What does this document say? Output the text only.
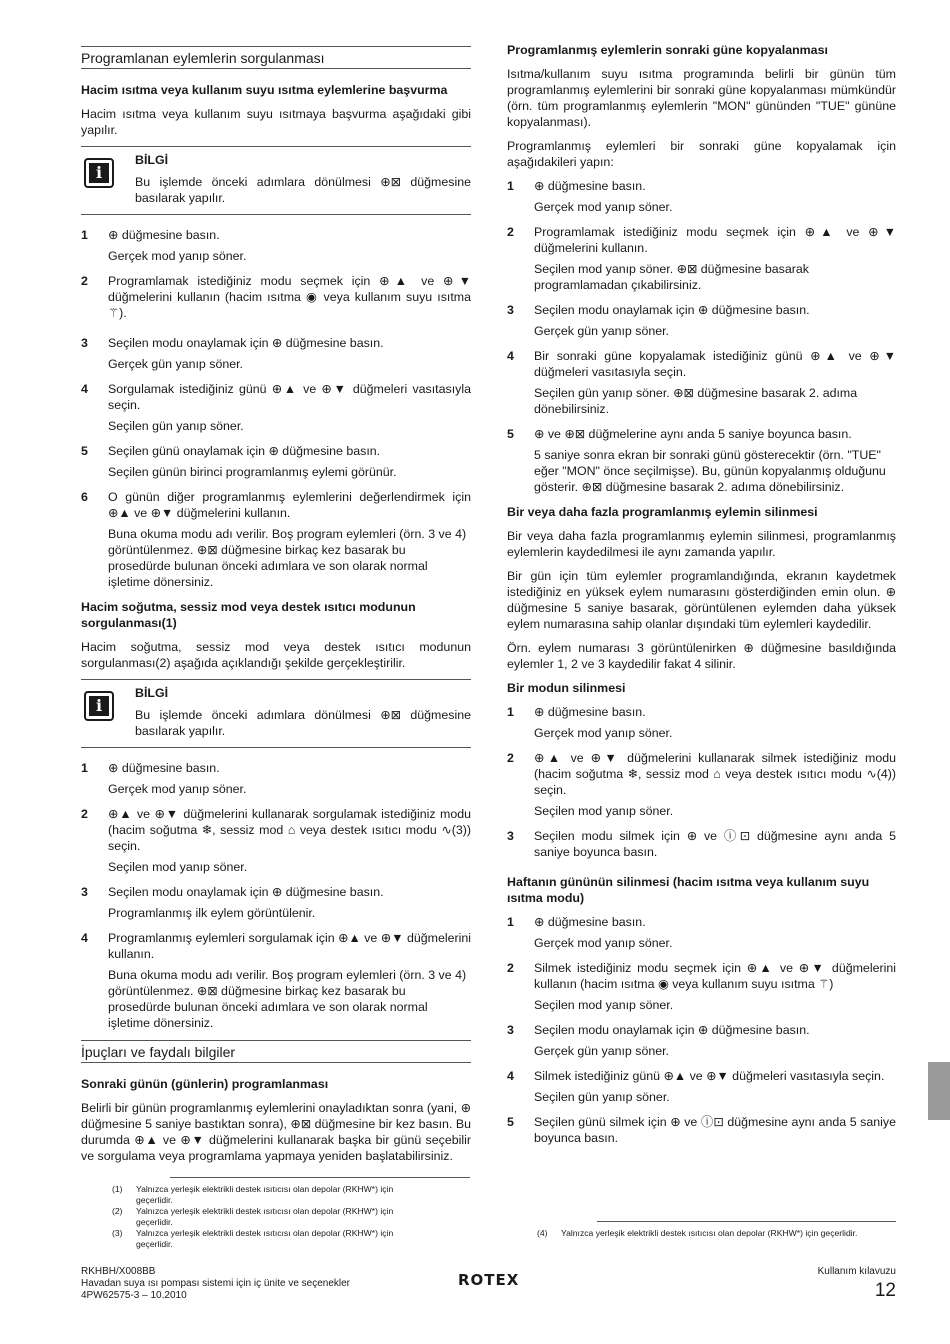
Programlanan eylemlerin sorgulanması
Hacim ısıtma veya kullanım suyu ısıtma eylemlerine başvurma

Hacim ısıtma veya kullanım suyu ısıtmaya başvurma aşağıdaki gibi yapılır.

i
BİLGİ
Bu işlemde önceki adımlara dönülmesi ⊕⊠ düğmesine basılarak yapılır.
1	⊕ düğmesine basın.
Gerçek mod yanıp söner.
2	Programlamak istediğiniz modu seçmek için ⊕▲ ve ⊕▼ düğmelerini kullanın (hacim ısıtma ◉ veya kullanım suyu ısıtma ⚚).
3	Seçilen modu onaylamak için ⊕ düğmesine basın.
Gerçek gün yanıp söner.
4	Sorgulamak istediğiniz günü ⊕▲ ve ⊕▼ düğmeleri vasıtasıyla seçin.
Seçilen gün yanıp söner.
5	Seçilen günü onaylamak için ⊕ düğmesine basın.
Seçilen günün birinci programlanmış eylemi görünür.
6	O günün diğer programlanmış eylemlerini değerlendirmek için ⊕▲ ve ⊕▼ düğmelerini kullanın.
Buna okuma modu adı verilir. Boş program eylemleri (örn. 3 ve 4) görüntülenmez. ⊕⊠ düğmesine birkaç kez basarak bu prosedürde bulunan önceki adımlara ve son olarak normal işletime dönersiniz.
Hacim soğutma, sessiz mod veya destek ısıtıcı modunun sorgulanması(1)

Hacim soğutma, sessiz mod veya destek ısıtıcı modunun sorgulanması(2) aşağıda açıklandığı şekilde gerçekleştirilir.

i
BİLGİ
Bu işlemde önceki adımlara dönülmesi ⊕⊠ düğmesine basılarak yapılır.
1	⊕ düğmesine basın.
Gerçek mod yanıp söner.
2	⊕▲ ve ⊕▼ düğmelerini kullanarak sorgulamak istediğiniz modu (hacim soğutma ❄, sessiz mod ⌂ veya destek ısıtıcı modu ∿(3)) seçin.
Seçilen mod yanıp söner.
3	Seçilen modu onaylamak için ⊕ düğmesine basın.
Programlanmış ilk eylem görüntülenir.
4	Programlanmış eylemleri sorgulamak için ⊕▲ ve ⊕▼ düğmelerini kullanın.
Buna okuma modu adı verilir. Boş program eylemleri (örn. 3 ve 4) görüntülenmez. ⊕⊠ düğmesine birkaç kez basarak bu prosedürde bulunan önceki adımlara ve son olarak normal işletime dönersiniz.
İpuçları ve faydalı bilgiler
Sonraki günün (günlerin) programlanması

Belirli bir günün programlanmış eylemlerini onayladıktan sonra (yani, ⊕ düğmesine 5 saniye bastıktan sonra), ⊕⊠ düğmesine bir kez basın. Bu durumda ⊕▲ ve ⊕▼ düğmelerini kullanarak başka bir günü seçebilir ve sorgulama veya programlama yapmaya yeniden başlatabilirsiniz.

(1)	Yalnızca yerleşik elektrikli destek ısıtıcısı olan depolar (RKHW*) için geçerlidir.
(2)	Yalnızca yerleşik elektrikli destek ısıtıcısı olan depolar (RKHW*) için geçerlidir.
(3)	Yalnızca yerleşik elektrikli destek ısıtıcısı olan depolar (RKHW*) için geçerlidir.
Programlanmış eylemlerin sonraki güne kopyalanması

Isıtma/kullanım suyu ısıtma programında belirli bir günün tüm programlanmış eylemlerini bir sonraki güne kopyalanması mümkündür (örn. tüm programlanmış eylemlerin "MON" gününden "TUE" gününe kopyalanması).

Programlanmış eylemleri bir sonraki güne kopyalamak için aşağıdakileri yapın:

1	⊕ düğmesine basın.
Gerçek mod yanıp söner.
2	Programlamak istediğiniz modu seçmek için ⊕▲ ve ⊕▼ düğmelerini kullanın.
Seçilen mod yanıp söner. ⊕⊠ düğmesine basarak programlamadan çıkabilirsiniz.
3	Seçilen modu onaylamak için ⊕ düğmesine basın.
Gerçek gün yanıp söner.
4	Bir sonraki güne kopyalamak istediğiniz günü ⊕▲ ve ⊕▼ düğmeleri vasıtasıyla seçin.
Seçilen gün yanıp söner. ⊕⊠ düğmesine basarak 2. adıma dönebilirsiniz.
5	⊕ ve ⊕⊠ düğmelerine aynı anda 5 saniye boyunca basın.
5 saniye sonra ekran bir sonraki günü gösterecektir (örn. "TUE" eğer "MON" önce seçilmişse). Bu, günün kopyalanmış olduğunu gösterir. ⊕⊠ düğmesine basarak 2. adıma dönebilirsiniz.
Bir veya daha fazla programlanmış eylemin silinmesi

Bir veya daha fazla programlanmış eylemin silinmesi, programlanmış eylemlerin kaydedilmesi ile aynı zamanda yapılır.

Bir gün için tüm eylemler programlandığında, ekranın kaydetmek istediğiniz en yüksek eylem numarasını gösterdiğinden emin olun. ⊕ düğmesine 5 saniye basarak, görüntülenen eylemden daha yüksek eylem numarasına sahip olanlar dışındaki tüm eylemleri kaydedilir.

Örn. eylem numarası 3 görüntülenirken ⊕ düğmesine basıldığında eylemler 1, 2 ve 3 kaydedilir fakat 4 silinir.

Bir modun silinmesi
1	⊕ düğmesine basın.
Gerçek mod yanıp söner.
2	⊕▲ ve ⊕▼ düğmelerini kullanarak silmek istediğiniz modu (hacim soğutma ❄, sessiz mod ⌂ veya destek ısıtıcı modu ∿(4)) seçin.
Seçilen mod yanıp söner.
3	Seçilen modu silmek için ⊕ ve ⓘ⊡ düğmesine aynı anda 5 saniye boyunca basın.
Haftanın gününün silinmesi (hacim ısıtma veya kullanım suyu ısıtma modu)
1	⊕ düğmesine basın.
Gerçek mod yanıp söner.
2	Silmek istediğiniz modu seçmek için ⊕▲ ve ⊕▼ düğmelerini kullanın (hacim ısıtma ◉ veya kullanım suyu ısıtma ⚚)
Seçilen mod yanıp söner.
3	Seçilen modu onaylamak için ⊕ düğmesine basın.
Gerçek gün yanıp söner.
4	Silmek istediğiniz günü ⊕▲ ve ⊕▼ düğmeleri vasıtasıyla seçin.
Seçilen gün yanıp söner.
5	Seçilen günü silmek için ⊕ ve ⓘ⊡ düğmesine aynı anda 5 saniye boyunca basın.
(4)	Yalnızca yerleşik elektrikli destek ısıtıcısı olan depolar (RKHW*) için geçerlidir.
RKHBH/X008BB
Havadan suya ısı pompası sistemi için iç ünite ve seçenekler
4PW62575-3 – 10.2010
ROTEX	Kullanım kılavuzu
12
